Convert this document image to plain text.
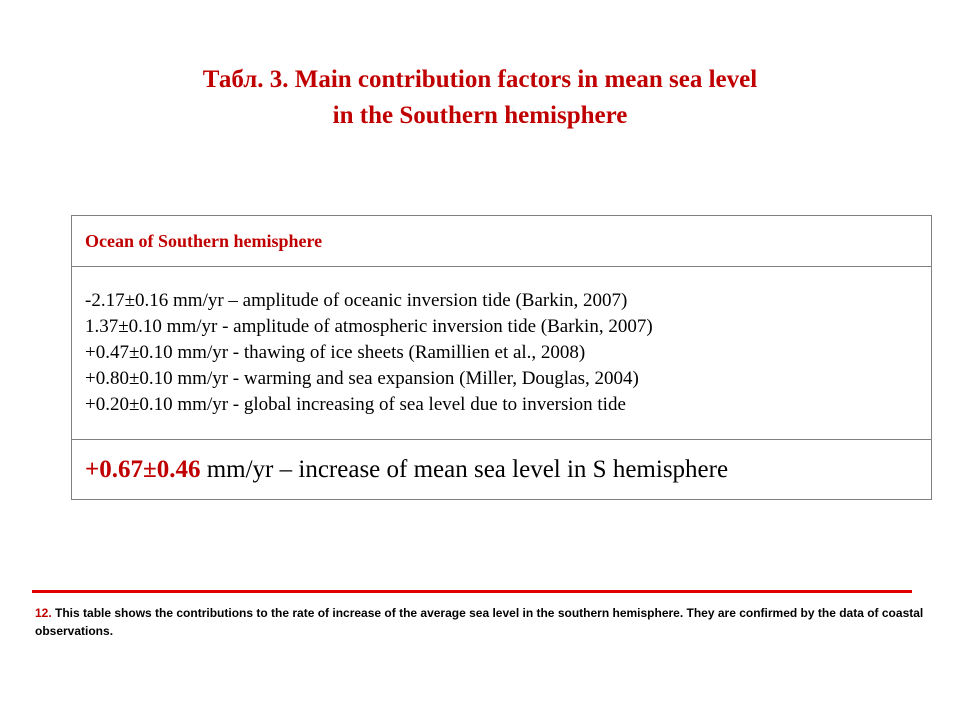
Табл. 3. Main contribution factors in mean sea level
in the Southern hemisphere
Ocean of Southern hemisphere

-2.17±0.16 mm/yr – amplitude of oceanic inversion tide (Barkin, 2007)
1.37±0.10 mm/yr - amplitude of atmospheric inversion tide (Barkin, 2007)
+0.47±0.10 mm/yr - thawing of ice sheets (Ramillien et al., 2008)
+0.80±0.10 mm/yr - warming and sea expansion (Miller, Douglas, 2004)
+0.20±0.10 mm/yr - global increasing of sea level due to inversion tide

+0.67±0.46 mm/yr – increase of mean sea level in S hemisphere
12. This table shows the contributions to the rate of increase of the average sea level in the southern hemisphere. They are confirmed by the data of coastal observations.
